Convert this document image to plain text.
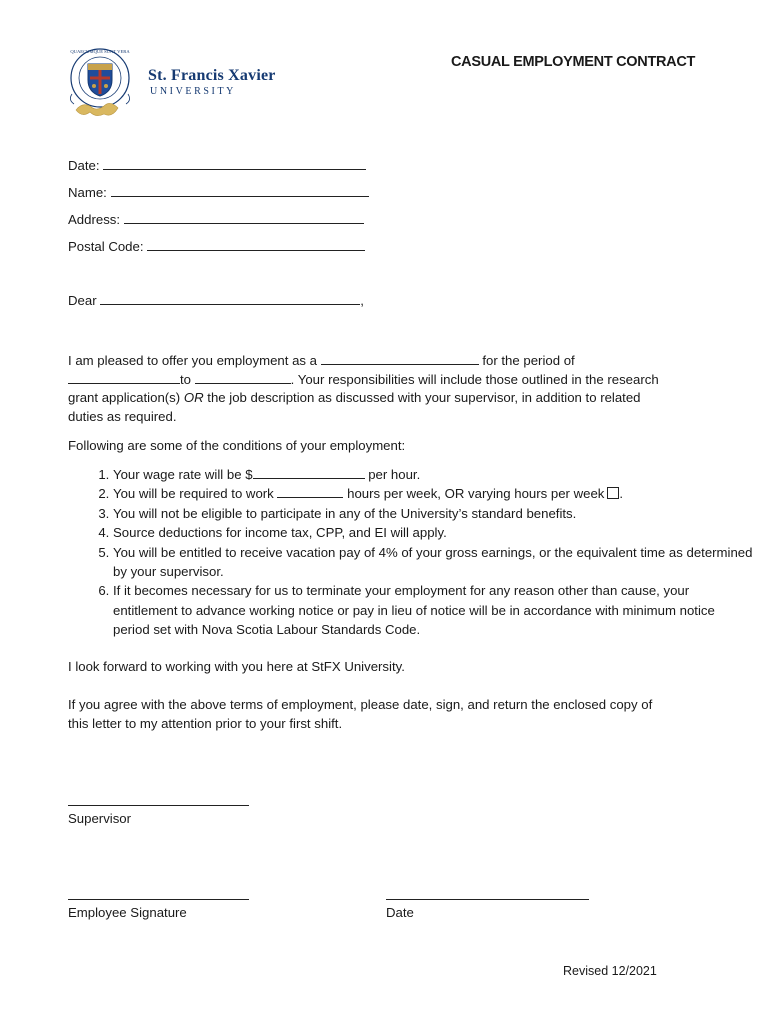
QUAECUMQUE SUNT VERA
St. Francis Xavier
UNIVERSITY
CASUAL EMPLOYMENT CONTRACT
Date:
Name:
Address:
Postal Code:
Dear	,
I am pleased to offer you employment as a	for the period of
to	. Your responsibilities will include those outlined in the research
grant application(s) OR the job description as discussed with your supervisor, in addition to related
duties as required.
Following are some of the conditions of your employment:
1. Your wage rate will be $	per hour.
2. You will be required to work	hours per week, OR varying hours per week .
3. You will not be eligible to participate in any of the University’s standard benefits.
4. Source deductions for income tax, CPP, and EI will apply.
5. You will be entitled to receive vacation pay of 4% of your gross earnings, or the equivalent time as determined by your supervisor.
6. If it becomes necessary for us to terminate your employment for any reason other than cause, your entitlement to advance working notice or pay in lieu of notice will be in accordance with minimum notice period set with Nova Scotia Labour Standards Code.
I look forward to working with you here at StFX University.
If you agree with the above terms of employment, please date, sign, and return the enclosed copy of
this letter to my attention prior to your first shift.
Supervisor
Employee Signature	Date
Revised 12/2021
